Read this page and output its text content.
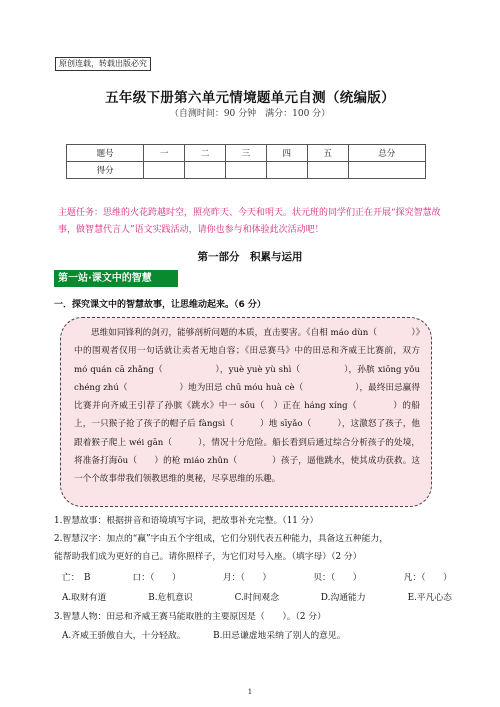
原创连载，转载出版必究
五年级下册第六单元情境题单元自测（统编版）
（自测时间：90 分钟　满分：100 分）
题号	一	二	三	四	五	总分
得分						
主题任务：思维的火花跨越时空，照亮昨天、今天和明天。状元班的同学们正在开展“探究智慧故事，做智慧代言人”语文实践活动，请你也参与和体验此次活动吧！
第一部分　积累与运用
第一站·课文中的智慧
一．探究课文中的智慧故事，让思维动起来。（6 分）

思维如同锋利的剑刃，能够剖析问题的本质，直击要害。《自相 máo dùn（　　　　）》中的围观者仅用一句话就让卖者无地自容；《田忌赛马》中的田忌和齐威王比赛前，双方 mó quán cā zhǎng（　　　　　　），yuè yuè yù shì（　　　　　），孙膑 xiōng yǒu chéng zhú（　　　　　　）地为田忌 chū móu huà cè（　　　　　　），最终田忌赢得比赛并向齐威王引荐了孙膑《跳水》中一 sōu（　）正在 háng xíng（　　　　）的船上，一只猴子抢了孩子的帽子后 fàngsì（　　　）地 sīyǎo（　　　），这激怒了孩子，他跟着猴子爬上 wéi gān（　　　），情况十分危险。船长看到后通过综合分析孩子的处境，将准备打海ōu（　　）的枪 miáo zhǔn（　　　　）孩子，逼他跳水，使其成功获救。这一个个故事带我们领教思维的奥秘，尽享思维的乐趣。

1.智慧故事：根据拼音和语境填写字词，把故事补充完整。（11 分）
2.智慧汉字：加点的“赢”字由五个字组成，它们分别代表五种能力，具备这五种能力，
能帮助我们成为更好的自己。请你照样子，为它们对号入座。（填字母）（2 分）
亡：　B	口：（　　）	月：（　　）	贝：（　　）	凡：（　　）
A.取财有道	B.危机意识	C.时间观念	D.沟通能力	E.平凡心态
3.智慧人物：田忌和齐威王赛马能取胜的主要原因是（　　）。（2 分）
A.齐威王骄傲自大，十分轻敌。	B.田忌谦虚地采纳了别人的意见。
1
